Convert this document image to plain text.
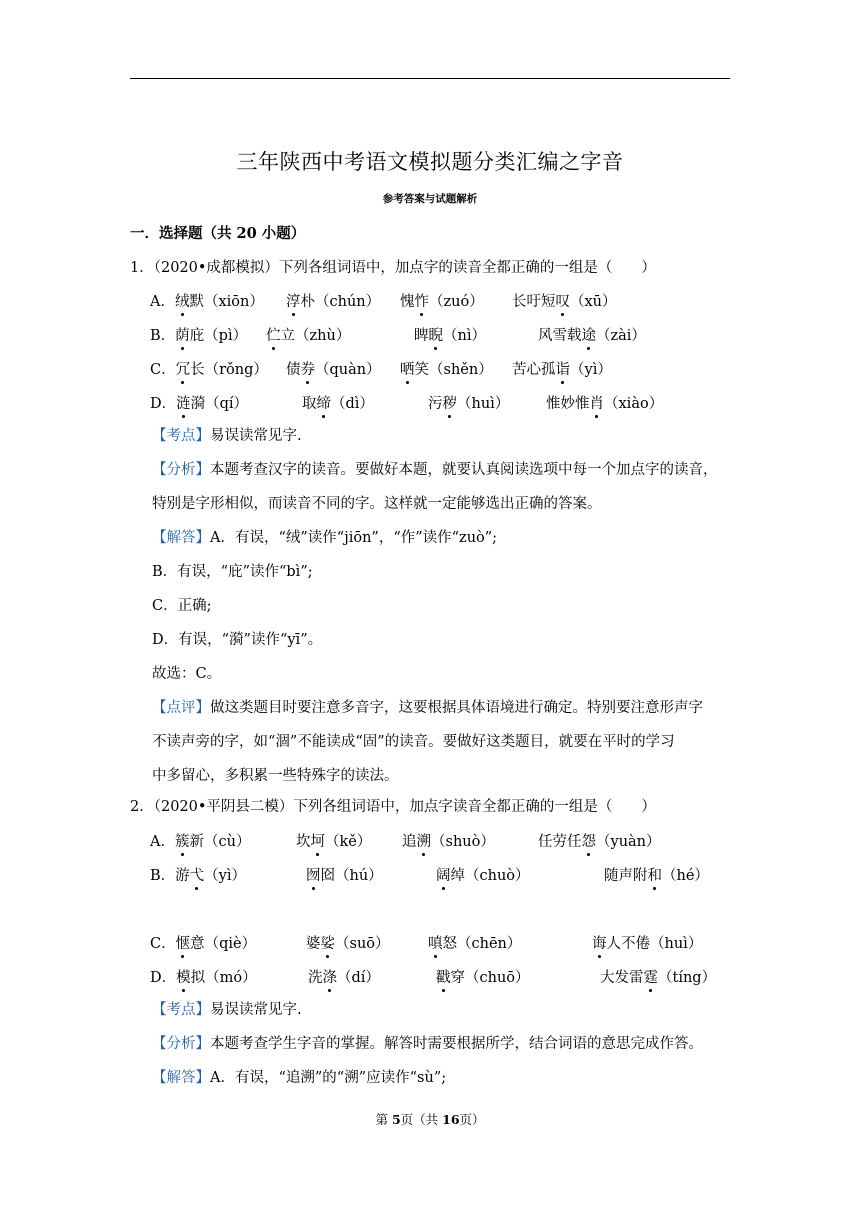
三年陕西中考语文模拟题分类汇编之字音
参考答案与试题解析
一．选择题（共 20 小题）
1．（2020•成都模拟）下列各组词语中，加点字的读音全都正确的一组是（　　）
A．绒默（xiōn） 淳朴（chún） 愧怍（zuó） 长吁短叹（xū）
B．荫庇（pì） 伫立（zhù）	睥睨（nì）	风雪载途（zài）
C．冗长（rǒng） 债券（quàn） 哂笑（shěn） 苦心孤诣（yì）
D．涟漪（qí）	取缔（dì）	污秽（huì）	惟妙惟肖（xiào）
【考点】易误读常见字.
【分析】本题考查汉字的读音。要做好本题，就要认真阅读选项中每一个加点字的读音，
特别是字形相似，而读音不同的字。这样就一定能够选出正确的答案。
【解答】A．有误，“绒”读作“jiōn”，“作”读作“zuò”;
B．有误，“庇”读作“bì”;
C．正确;
D．有误，“漪”读作“yī”。
故选：C。
【点评】做这类题目时要注意多音字，这要根据具体语境进行确定。特别要注意形声字
不读声旁的字，如“涸”不能读成“固”的读音。要做好这类题目，就要在平时的学习
中多留心，多积累一些特殊字的读法。
2．（2020•平阴县二模）下列各组词语中，加点字读音全都正确的一组是（　　）
A．簇新（cù）	坎坷（kě） 追溯（shuò）	任劳任怨（yuàn）
B．游弋（yì）	囫囵（hú）	阔绰（chuò）	随声附和（hé）
C．惬意（qiè）	婆娑（suō）	嗔怒（chēn）	诲人不倦（huì）
D．模拟（mó）	洗涤（dí）	戳穿（chuō）	大发雷霆（tíng）
【考点】易误读常见字.
【分析】本题考查学生字音的掌握。解答时需要根据所学，结合词语的意思完成作答。
【解答】A．有误，“追溯”的“溯”应读作“sù”;
第 5页（共 16页）
